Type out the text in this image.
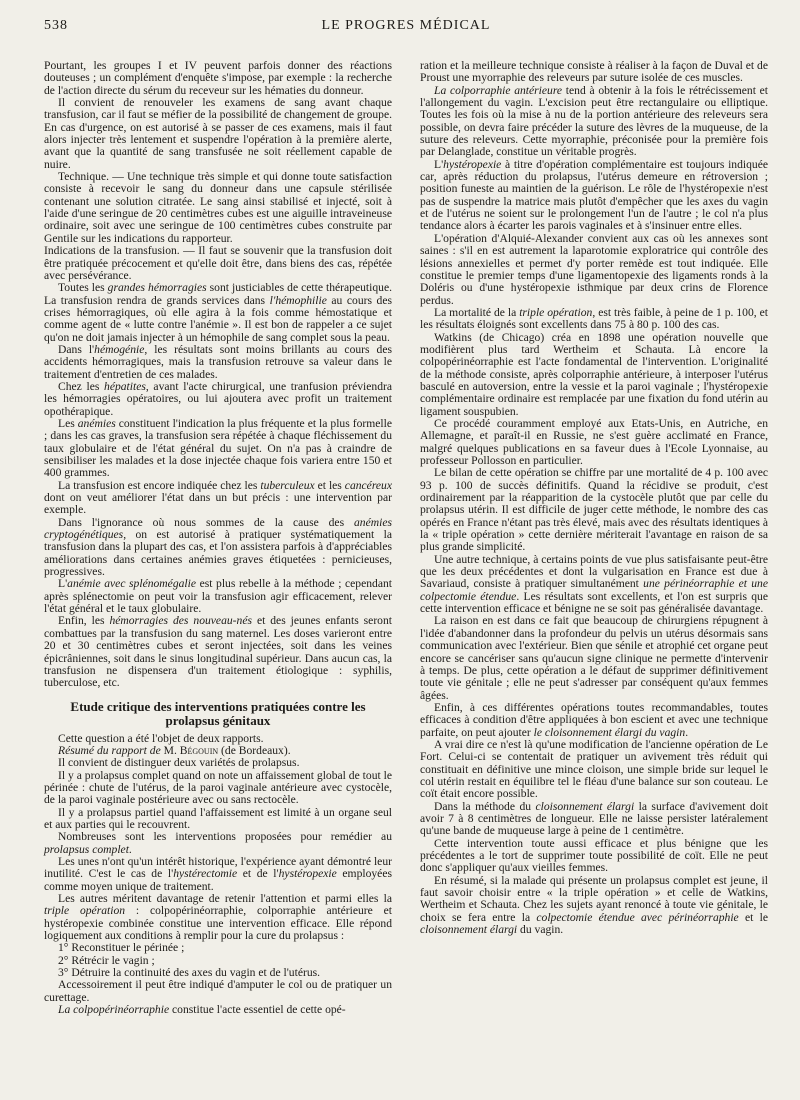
538	LE PROGRES MÉDICAL

Pourtant, les groupes I et IV peuvent parfois donner des réactions douteuses ; un complément d'enquête s'impose, par exemple : la recherche de l'action directe du sérum du receveur sur les hématies du donneur.

Il convient de renouveler les examens de sang avant chaque transfusion, car il faut se méfier de la possibilité de changement de groupe. En cas d'urgence, on est autorisé à se passer de ces examens, mais il faut alors injecter très lentement et suspendre l'opération à la première alerte, avant que la quantité de sang transfusée ne soit réellement capable de nuire.

Technique. — Une technique très simple et qui donne toute satisfaction consiste à recevoir le sang du donneur dans une capsule stérilisée contenant une solution citratée. Le sang ainsi stabilisé et injecté, soit à l'aide d'une seringue de 20 centimètres cubes est une aiguille intraveineuse ordinaire, soit avec une seringue de 100 centimètres cubes construite par Gentile sur les indications du rapporteur.

Indications de la transfusion. — Il faut se souvenir que la transfusion doit être pratiquée précocement et qu'elle doit être, dans biens des cas, répétée avec persévérance.

Toutes les grandes hémorragies sont justiciables de cette thérapeutique. La transfusion rendra de grands services dans l'hémophilie au cours des crises hémorragiques, où elle agira à la fois comme hémostatique et comme agent de « lutte contre l'anémie ». Il est bon de rappeler a ce sujet qu'on ne doit jamais injecter à un hémophile de sang complet sous la peau.

Dans l'hémogénie, les résultats sont moins brillants au cours des accidents hémorragiques, mais la transfusion retrouve sa valeur dans le traitement d'entretien de ces malades.

Chez les hépatites, avant l'acte chirurgical, une tranfusion préviendra les hémorragies opératoires, ou lui ajoutera avec profit un traitement opothérapique.

Les anémies constituent l'indication la plus fréquente et la plus formelle ; dans les cas graves, la transfusion sera répétée à chaque fléchissement du taux globulaire et de l'état général du sujet. On n'a pas à craindre de sensibiliser les malades et la dose injectée chaque fois variera entre 150 et 400 grammes.

La transfusion est encore indiquée chez les tuberculeux et les cancéreux dont on veut améliorer l'état dans un but précis : une intervention par exemple.

Dans l'ignorance où nous sommes de la cause des anémies cryptogénétiques, on est autorisé à pratiquer systématiquement la transfusion dans la plupart des cas, et l'on assistera parfois à d'appréciables améliorations dans certaines anémies graves étiquetées : pernicieuses, progressives.

L'anémie avec splénomégalie est plus rebelle à la méthode ; cependant après splénectomie on peut voir la transfusion agir efficacement, relever l'état général et le taux globulaire.

Enfin, les hémorragies des nouveau-nés et des jeunes enfants seront combattues par la transfusion du sang maternel. Les doses varieront entre 20 et 30 centimètres cubes et seront injectées, soit dans les veines épicrâniennes, soit dans le sinus longitudinal supérieur. Dans aucun cas, la transfusion ne dispensera d'un traitement étiologique : syphilis, tuberculose, etc.

Etude critique des interventions pratiquées contre les prolapsus génitaux

Cette question a été l'objet de deux rapports.

Résumé du rapport de M. Bégouin (de Bordeaux).

Il convient de distinguer deux variétés de prolapsus.

Il y a prolapsus complet quand on note un affaissement global de tout le périnée : chute de l'utérus, de la paroi vaginale antérieure avec cystocèle, de la paroi vaginale postérieure avec ou sans rectocèle.

Il y a prolapsus partiel quand l'affaissement est limité à un organe seul et aux parties qui le recouvrent.

Nombreuses sont les interventions proposées pour remédier au prolapsus complet.

Les unes n'ont qu'un intérêt historique, l'expérience ayant démontré leur inutilité. C'est le cas de l'hystérectomie et de l'hystéropexie employées comme moyen unique de traitement.

Les autres méritent davantage de retenir l'attention et parmi elles la triple opération : colpopérinéorraphie, colporraphie antérieure et hystéropexie combinée constitue une intervention efficace. Elle répond logiquement aux conditions à remplir pour la cure du prolapsus :

1° Reconstituer le périnée ;

2° Rétrécir le vagin ;

3° Détruire la continuité des axes du vagin et de l'utérus.

Accessoirement il peut être indiqué d'amputer le col ou de pratiquer un curettage.

La colpopérinéorraphie constitue l'acte essentiel de cette opé-

ration et la meilleure technique consiste à réaliser à la façon de Duval et de Proust une myorraphie des releveurs par suture isolée de ces muscles.

La colporraphie antérieure tend à obtenir à la fois le rétrécissement et l'allongement du vagin. L'excision peut être rectangulaire ou elliptique. Toutes les fois où la mise à nu de la portion antérieure des releveurs sera possible, on devra faire précéder la suture des lèvres de la muqueuse, de la suture des releveurs. Cette myorraphie, préconisée pour la première fois par Delanglade, constitue un véritable progrès.

L'hystéropexie à titre d'opération complémentaire est toujours indiquée car, après réduction du prolapsus, l'utérus demeure en rétroversion ; position funeste au maintien de la guérison. Le rôle de l'hystéropexie n'est pas de suspendre la matrice mais plutôt d'empêcher que les axes du vagin et de l'utérus ne soient sur le prolongement l'un de l'autre ; le col n'a plus tendance alors à écarter les parois vaginales et à s'insinuer entre elles.

L'opération d'Alquié-Alexander convient aux cas où les annexes sont saines : s'il en est autrement la laparotomie exploratrice qui contrôle des lésions annexielles et permet d'y porter remède est tout indiquée. Elle constitue le premier temps d'une ligamentopexie des ligaments ronds à la Doléris ou d'une hystéropexie isthmique par deux crins de Florence perdus.

La mortalité de la triple opération, est très faible, à peine de 1 p. 100, et les résultats éloignés sont excellents dans 75 à 80 p. 100 des cas.

Watkins (de Chicago) créa en 1898 une opération nouvelle que modifièrent plus tard Wertheim et Schauta. Là encore la colpopérinéorraphie est l'acte fondamental de l'intervention. L'originalité de la méthode consiste, après colporraphie antérieure, à interposer l'utérus basculé en autoversion, entre la vessie et la paroi vaginale ; l'hystéropexie complémentaire ordinaire est remplacée par une fixation du fond utérin au ligament souspubien.

Ce procédé couramment employé aux Etats-Unis, en Autriche, en Allemagne, et paraît-il en Russie, ne s'est guère acclimaté en France, malgré quelques publications en sa faveur dues à l'Ecole Lyonnaise, au professeur Pollosson en particulier.

Le bilan de cette opération se chiffre par une mortalité de 4 p. 100 avec 93 p. 100 de succès définitifs. Quand la récidive se produit, c'est ordinairement par la réapparition de la cystocèle plutôt que par celle du prolapsus utérin. Il est difficile de juger cette méthode, le nombre des cas opérés en France n'étant pas très élevé, mais avec des résultats identiques à la « triple opération » cette dernière mériterait l'avantage en raison de sa plus grande simplicité.

Une autre technique, à certains points de vue plus satisfaisante peut-être que les deux précédentes et dont la vulgarisation en France est due à Savariaud, consiste à pratiquer simultanément une périnéorraphie et une colpectomie étendue. Les résultats sont excellents, et l'on est surpris que cette intervention efficace et bénigne ne se soit pas généralisée davantage.

La raison en est dans ce fait que beaucoup de chirurgiens répugnent à l'idée d'abandonner dans la profondeur du pelvis un utérus désormais sans communication avec l'extérieur. Bien que sénile et atrophié cet organe peut encore se cancériser sans qu'aucun signe clinique ne permette d'intervenir à temps. De plus, cette opération a le défaut de supprimer définitivement toute vie génitale ; elle ne peut s'adresser par conséquent qu'aux femmes âgées.

Enfin, à ces différentes opérations toutes recommandables, toutes efficaces à condition d'être appliquées à bon escient et avec une technique parfaite, on peut ajouter le cloisonnement élargi du vagin.

A vrai dire ce n'est là qu'une modification de l'ancienne opération de Le Fort. Celui-ci se contentait de pratiquer un avivement très réduit qui constituait en définitive une mince cloison, une simple bride sur lequel le col utérin restait en équilibre tel le fléau d'une balance sur son couteau. Le coït était encore possible.

Dans la méthode du cloisonnement élargi la surface d'avivement doit avoir 7 à 8 centimètres de longueur. Elle ne laisse persister latéralement qu'une bande de muqueuse large à peine de 1 centimètre.

Cette intervention toute aussi efficace et plus bénigne que les précédentes a le tort de supprimer toute possibilité de coït. Elle ne peut donc s'appliquer qu'aux vieilles femmes.

En résumé, si la malade qui présente un prolapsus complet est jeune, il faut savoir choisir entre « la triple opération » et celle de Watkins, Wertheim et Schauta. Chez les sujets ayant renoncé à toute vie génitale, le choix se fera entre la colpectomie étendue avec périnéorraphie et le cloisonnement élargi du vagin.
